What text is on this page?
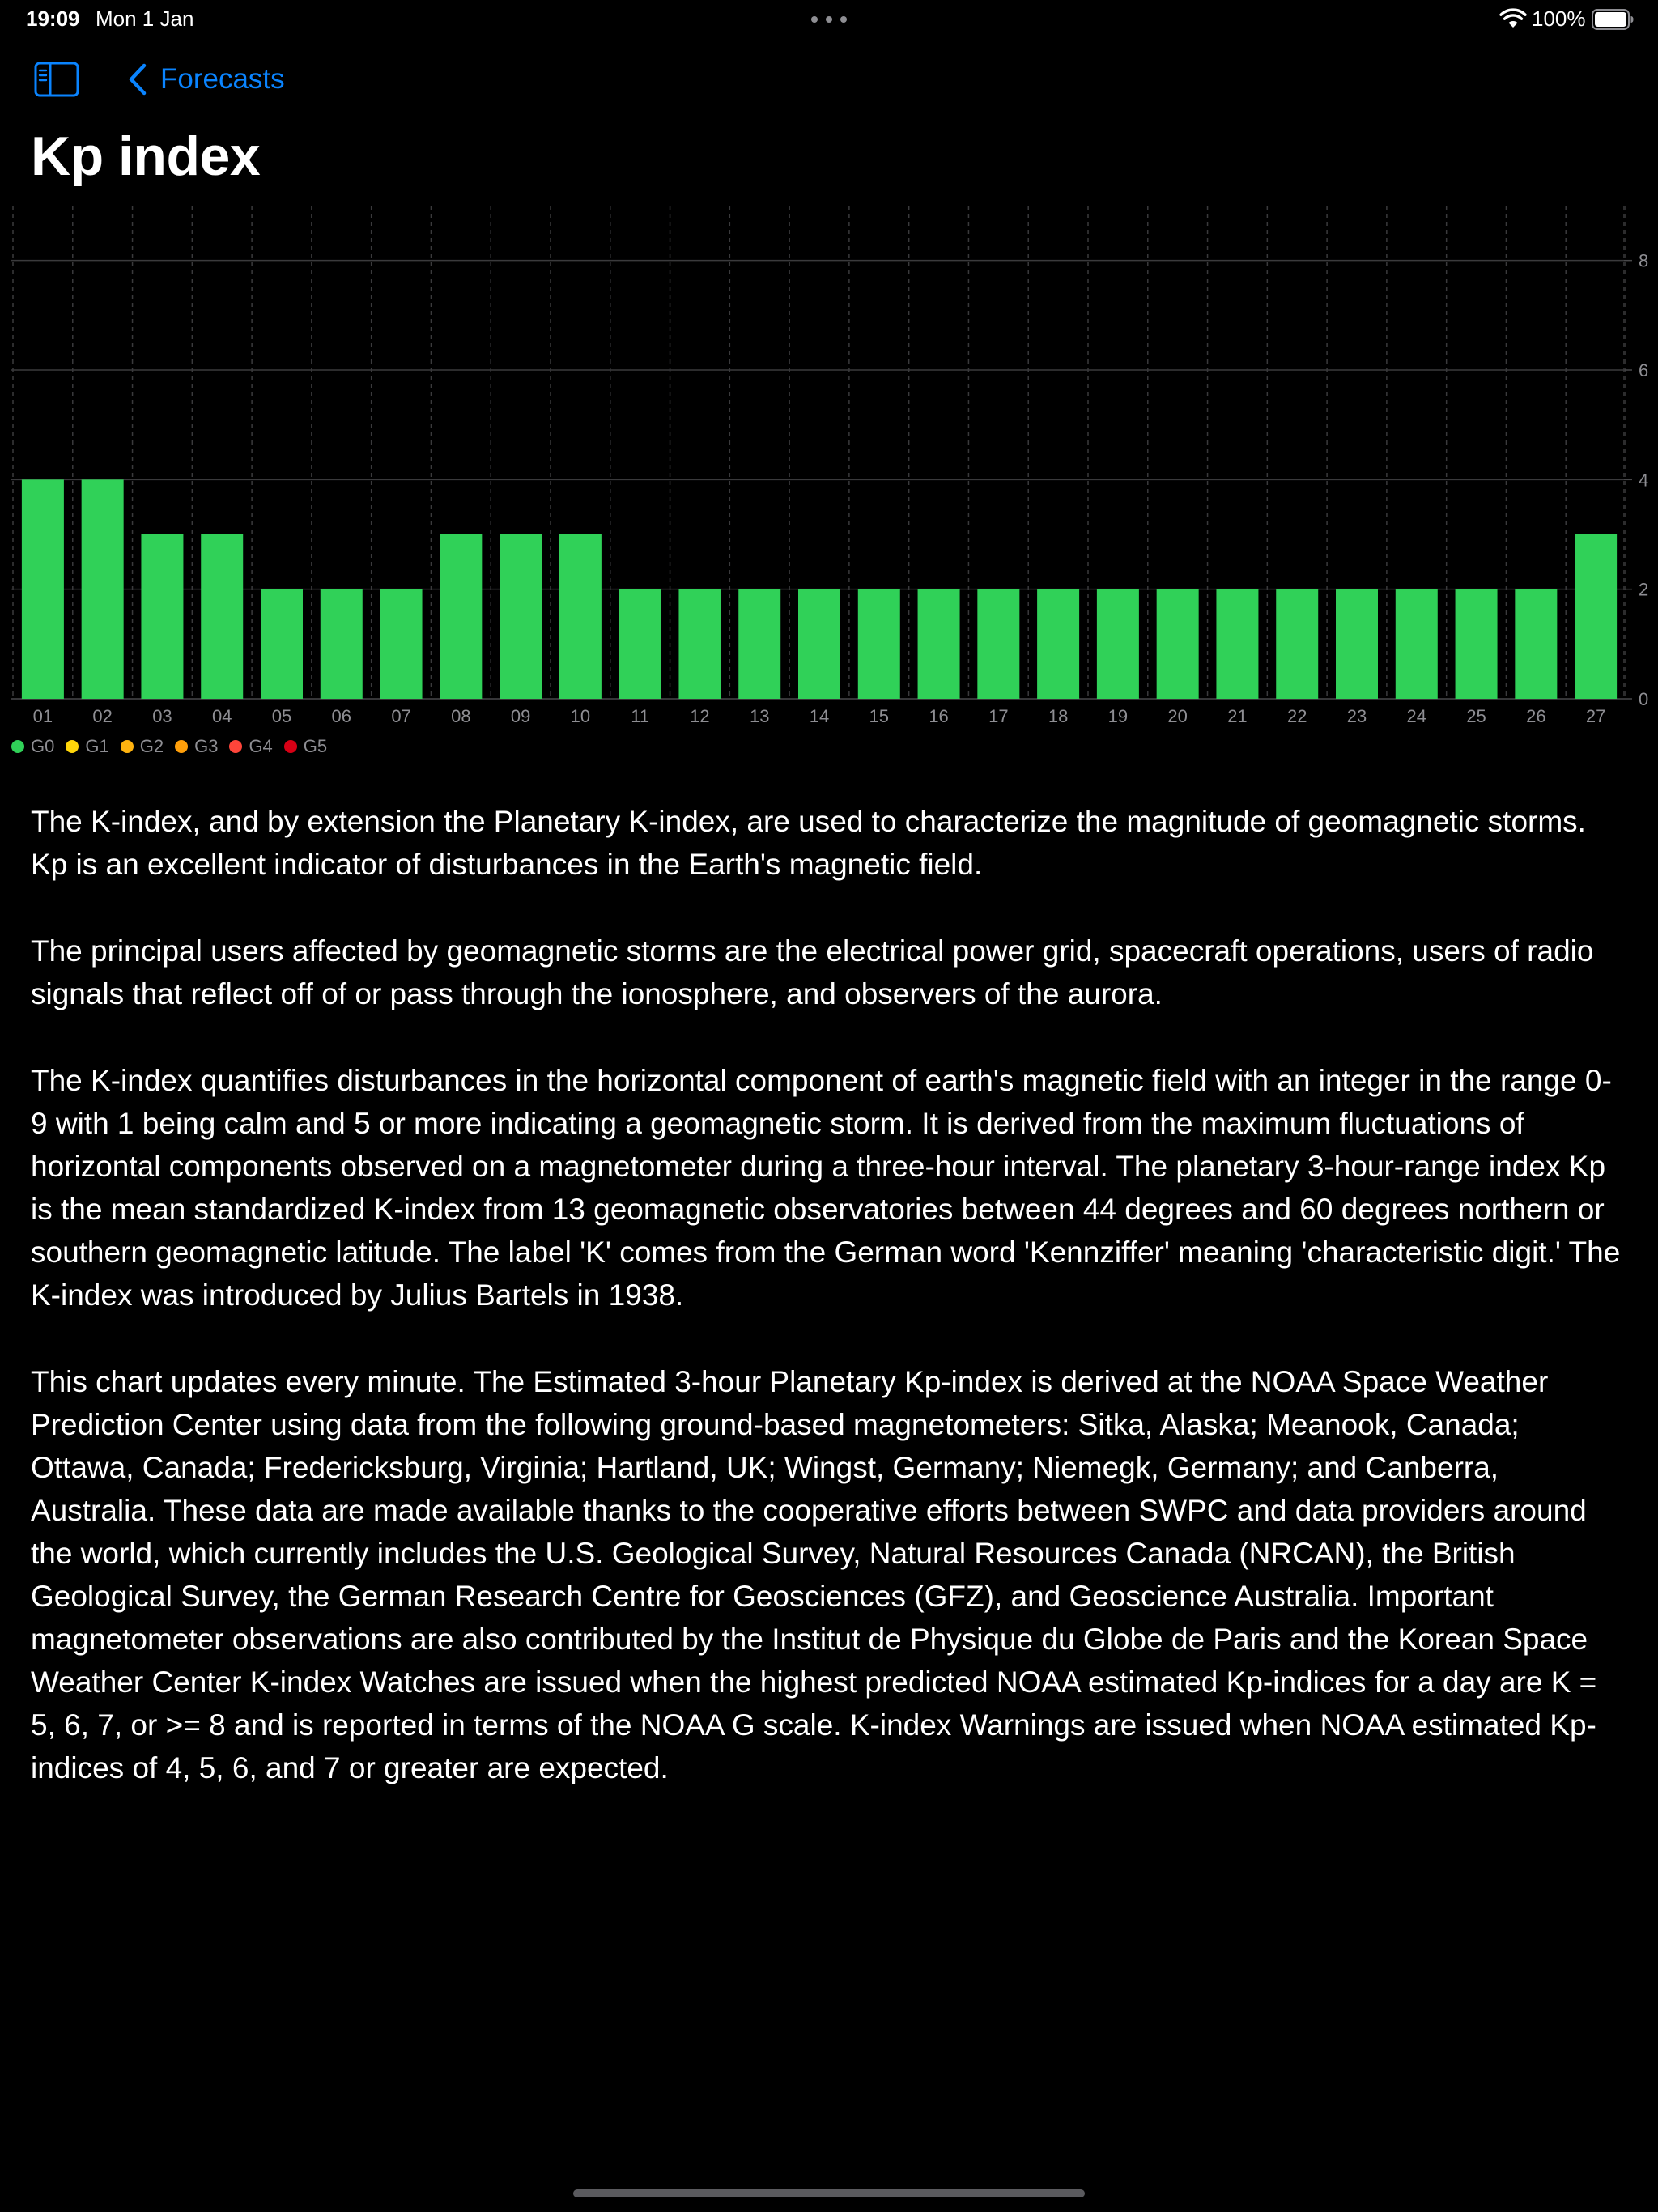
19:09 Mon 1 Jan	100%
Forecasts
Kp index
0
2
4
6
8
01 02 03 04 05 06 07 08 09 10 11 12 13 14 15 16 17 18 19 20 21 22 23 24 25 26 27
G0 G1 G2 G3 G4 G5

The K-index, and by extension the Planetary K-index, are used to characterize the magnitude of geomagnetic storms. Kp is an excellent indicator of disturbances in the Earth's magnetic field.

The principal users affected by geomagnetic storms are the electrical power grid, spacecraft operations, users of radio signals that reflect off of or pass through the ionosphere, and observers of the aurora.

The K-index quantifies disturbances in the horizontal component of earth's magnetic field with an integer in the range 0-9 with 1 being calm and 5 or more indicating a geomagnetic storm. It is derived from the maximum fluctuations of horizontal components observed on a magnetometer during a three-hour interval. The planetary 3-hour-range index Kp is the mean standardized K-index from 13 geomagnetic observatories between 44 degrees and 60 degrees northern or southern geomagnetic latitude. The label 'K' comes from the German word 'Kennziffer' meaning 'characteristic digit.' The K-index was introduced by Julius Bartels in 1938.

This chart updates every minute. The Estimated 3-hour Planetary Kp-index is derived at the NOAA Space Weather Prediction Center using data from the following ground-based magnetometers: Sitka, Alaska; Meanook, Canada; Ottawa, Canada; Fredericksburg, Virginia; Hartland, UK; Wingst, Germany; Niemegk, Germany; and Canberra, Australia. These data are made available thanks to the cooperative efforts between SWPC and data providers around the world, which currently includes the U.S. Geological Survey, Natural Resources Canada (NRCAN), the British Geological Survey, the German Research Centre for Geosciences (GFZ), and Geoscience Australia. Important magnetometer observations are also contributed by the Institut de Physique du Globe de Paris and the Korean Space Weather Center K-index Watches are issued when the highest predicted NOAA estimated Kp-indices for a day are K = 5, 6, 7, or >= 8 and is reported in terms of the NOAA G scale. K-index Warnings are issued when NOAA estimated Kp-indices of 4, 5, 6, and 7 or greater are expected.
